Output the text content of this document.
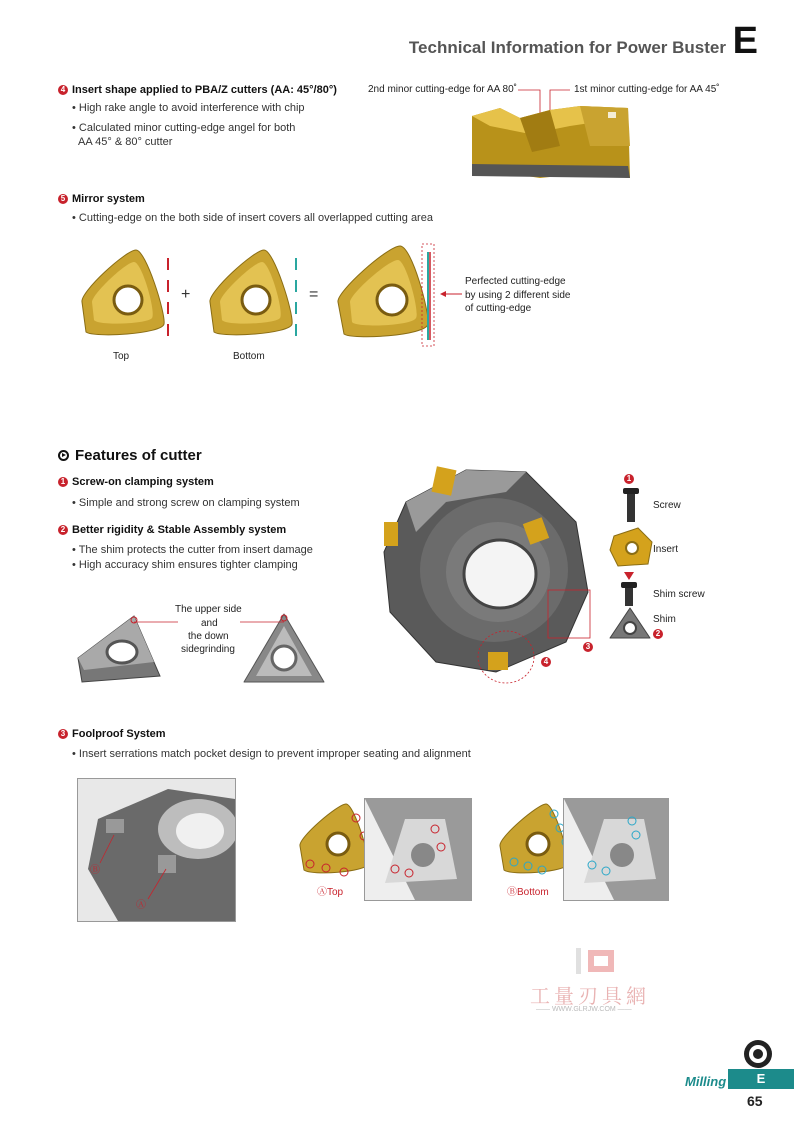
Technical Information for Power Buster E
4 Insert shape applied to PBA/Z cutters (AA: 45°/80°)
• High rake angle to avoid interference with chip
• Calculated minor cutting-edge angel for both
AA 45° & 80° cutter
2nd minor cutting-edge for AA 80˚	1st minor cutting-edge for AA 45˚
5 Mirror system
• Cutting-edge on the both side of insert covers all overlapped cutting area
+	=
Perfected cutting-edge
by using 2 different side
of cutting-edge
Top	Bottom
Features of cutter
1 Screw-on clamping system
• Simple and strong screw on clamping system
2 Better rigidity & Stable Assembly system
• The shim protects the cutter from insert damage
• High accuracy shim ensures tighter clamping
The upper side
and
the down
sidegrinding
4
3
1
Screw
Insert
Shim screw
Shim
2
3 Foolproof System
• Insert serrations match pocket design to prevent improper seating and alignment
Ⓑ
Ⓐ
ⒶTop	ⒷBottom
工量刃具網
—— WWW.GLRJW.COM ——
Milling	E
65
